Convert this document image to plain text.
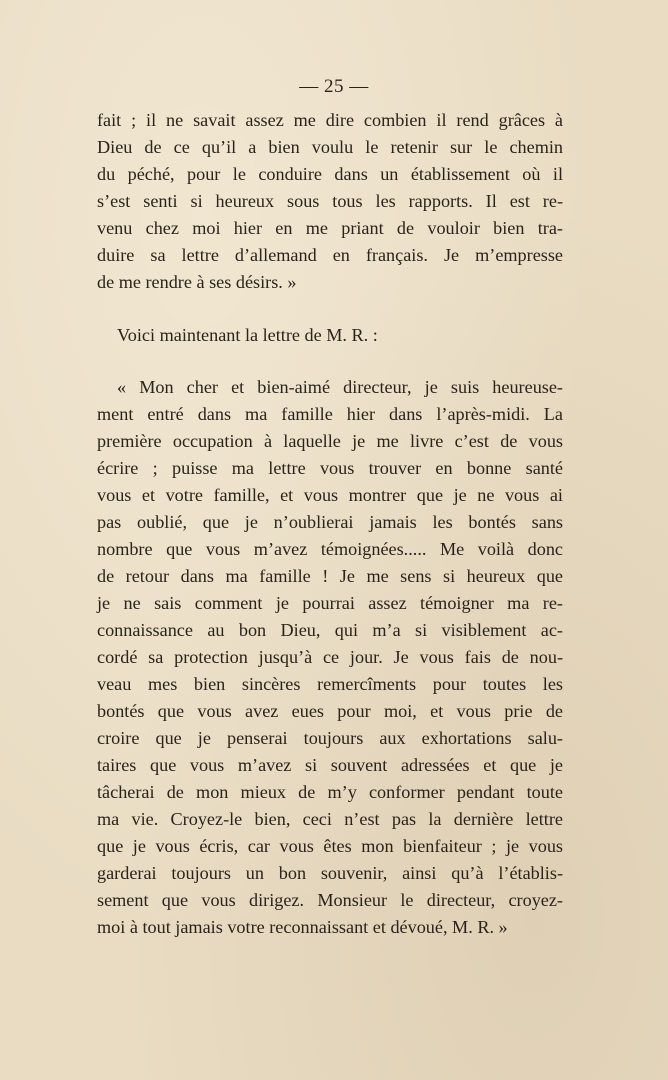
— 25 —
fait ; il ne savait assez me dire combien il rend grâces à
Dieu de ce qu’il a bien voulu le retenir sur le chemin
du péché, pour le conduire dans un établissement où il
s’est senti si heureux sous tous les rapports. Il est re-
venu chez moi hier en me priant de vouloir bien tra-
duire sa lettre d’allemand en français. Je m’empresse
de me rendre à ses désirs. »
Voici maintenant la lettre de M. R. :
« Mon cher et bien-aimé directeur, je suis heureuse-
ment entré dans ma famille hier dans l’après-midi. La
première occupation à laquelle je me livre c’est de vous
écrire ; puisse ma lettre vous trouver en bonne santé
vous et votre famille, et vous montrer que je ne vous ai
pas oublié, que je n’oublierai jamais les bontés sans
nombre que vous m’avez témoignées..... Me voilà donc
de retour dans ma famille ! Je me sens si heureux que
je ne sais comment je pourrai assez témoigner ma re-
connaissance au bon Dieu, qui m’a si visiblement ac-
cordé sa protection jusqu’à ce jour. Je vous fais de nou-
veau mes bien sincères remercîments pour toutes les
bontés que vous avez eues pour moi, et vous prie de
croire que je penserai toujours aux exhortations salu-
taires que vous m’avez si souvent adressées et que je
tâcherai de mon mieux de m’y conformer pendant toute
ma vie. Croyez-le bien, ceci n’est pas la dernière lettre
que je vous écris, car vous êtes mon bienfaiteur ; je vous
garderai toujours un bon souvenir, ainsi qu’à l’établis-
sement que vous dirigez. Monsieur le directeur, croyez-
moi à tout jamais votre reconnaissant et dévoué, M. R. »
